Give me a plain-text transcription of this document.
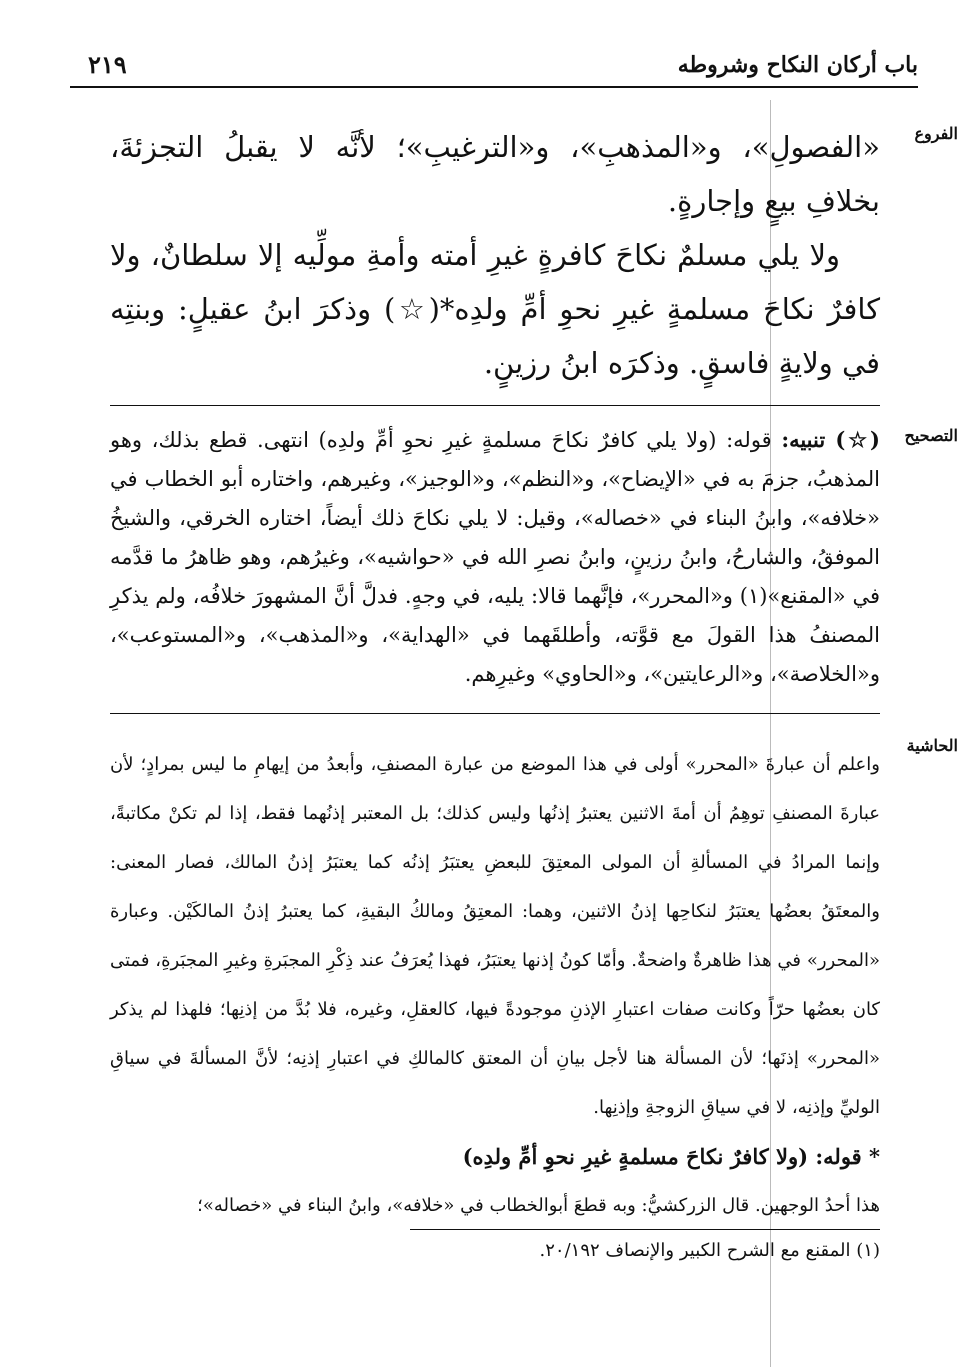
باب أركان النكاح وشروطه
٢١٩
الفروع

«الفصولِ»، و«المذهبِ»، و«الترغيبِ»؛ لأنَّه لا يقبلُ التجزئةَ، بخلافِ بيعٍ وإجارةٍ.

ولا يلي مسلمٌ نكاحَ كافرةٍ غيرِ أمته وأمةِ مولِّيه إلا سلطانٌ، ولا كافرٌ نكاحَ مسلمةٍ غيرِ نحوِ أمِّ ولدِه*(☆) وذكرَ ابنُ عقيلٍ: وبنتِه في ولايةٍ فاسقٍ. وذكرَه ابنُ رزينٍ.

التصحيح
(☆) تنبيه: قوله: (ولا يلي كافرٌ نكاحَ مسلمةٍ غيرِ نحوِ أمِّ ولدِه) انتهى. قطع بذلك، وهو المذهبُ، جزمَ به في «الإيضاح»، و«النظم»، و«الوجيز»، وغيرهم، واختاره أبو الخطاب في «خلافه»، وابنُ البناء في «خصاله»، وقيل: لا يلي نكاحَ ذلك أيضاً، اختاره الخرقي، والشيخُ الموفقُ، والشارحُ، وابنُ رزينٍ، وابنُ نصرِ الله في «حواشيه»، وغيرُهم، وهو ظاهرُ ما قدَّمه في «المقنع»(١) و«المحرر»، فإنَّهما قالا: يليه، في وجهٍ. فدلَّ أنَّ المشهورَ خلافُه، ولم يذكرِ المصنفُ هذا القولَ مع قوَّته، وأطلقَهما في «الهداية»، و«المذهب»، و«المستوعب»، و«الخلاصة»، و«الرعايتين»، و«الحاوي» وغيرِهم.
الحاشية

واعلم أن عبارةَ «المحرر» أولى في هذا الموضع من عبارة المصنفِ، وأبعدُ من إيهامِ ما ليس بمرادٍ؛ لأن عبارةَ المصنفِ توهِمُ أن أمةَ الاثنين يعتبرُ إذنُها وليس كذلك؛ بل المعتبر إذنُهما فقط، إذا لم تكنْ مكاتبةً، وإنما المرادُ في المسألةِ أن المولى المعتِقَ للبعضِ يعتبَرُ إذنُه كما يعتبَرُ إذنُ المالك، فصار المعنى: والمعتَقُ بعضُها يعتبَرُ لنكاحِها إذنُ الاثنين، وهما: المعتِقُ ومالكُ البقيةِ، كما يعتبرُ إذنُ المالكَيْن. وعبارة «المحرر» في هذا ظاهرةٌ واضحةٌ. وأمّا كونُ إذنها يعتبَرُ، فهذا يُعرَفُ عند ذِكْرِ المجبَرةِ وغيرِ المجبَرةِ، فمتى كان بعضُها حرّاً وكانت صفات اعتبارِ الإذنِ موجودةً فيها، كالعقلِ، وغيره، فلا بُدَّ من إذنِها؛ فلهذا لم يذكر «المحرر» إذنَها؛ لأن المسألة هنا لأجل بيانِ أن المعتق كالمالكِ في اعتبارِ إذنِه؛ لأنَّ المسألةَ في سياقِ الوليِّ وإذنِه، لا في سياقِ الزوجةِ وإذنِها.

* قوله: (ولا كافرٌ نكاحَ مسلمةٍ غيرِ نحوِ أمِّ ولدِه)

هذا أحدُ الوجهين. قال الزركشيُّ: وبه قطعَ أبوالخطاب في «خلافه»، وابنُ البناء في «خصاله»؛

(١) المقنع مع الشرح الكبير والإنصاف ٢٠/١٩٢.
